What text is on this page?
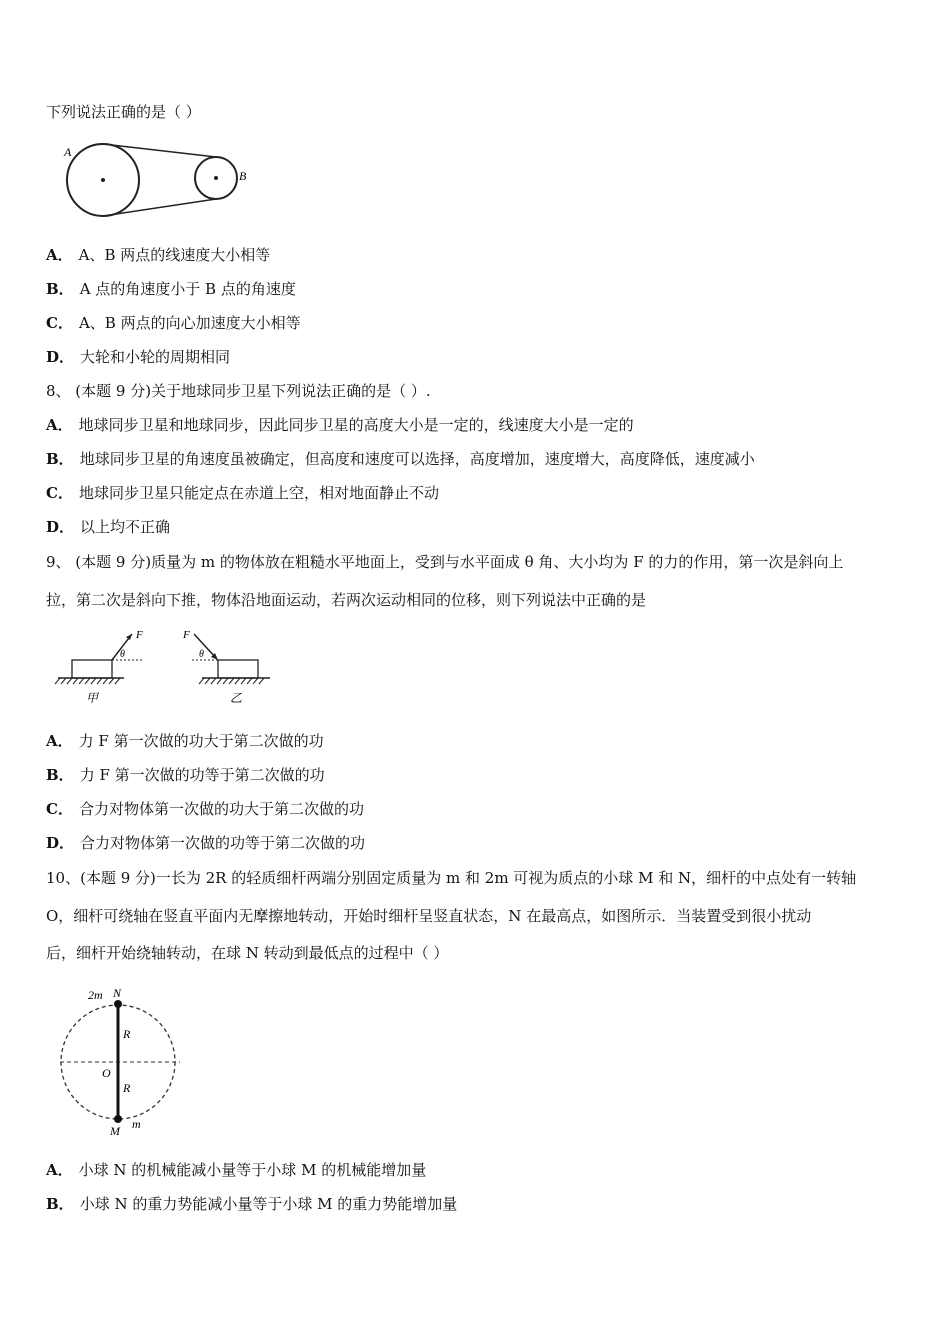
下列说法正确的是（ ）
A
B
A． A、B 两点的线速度大小相等
B． A 点的角速度小于 B 点的角速度
C． A、B 两点的向心加速度大小相等
D． 大轮和小轮的周期相同
8、 (本题 9 分)关于地球同步卫星下列说法正确的是（ ）.
A． 地球同步卫星和地球同步，因此同步卫星的高度大小是一定的，线速度大小是一定的
B． 地球同步卫星的角速度虽被确定，但高度和速度可以选择，高度增加，速度增大，高度降低，速度减小
C． 地球同步卫星只能定点在赤道上空，相对地面静止不动
D． 以上均不正确
9、 (本题 9 分)质量为 m 的物体放在粗糙水平地面上，受到与水平面成 θ 角、大小均为 F 的力的作用，第一次是斜向上
拉，第二次是斜向下推，物体沿地面运动，若两次运动相同的位移，则下列说法中正确的是
F
θ
甲
F
θ
乙
A． 力 F 第一次做的功大于第二次做的功
B． 力 F 第一次做的功等于第二次做的功
C． 合力对物体第一次做的功大于第二次做的功
D． 合力对物体第一次做的功等于第二次做的功
10、(本题 9 分)一长为 2R 的轻质细杆两端分别固定质量为 m 和 2m 可视为质点的小球 M 和 N，细杆的中点处有一转轴
O，细杆可绕轴在竖直平面内无摩擦地转动，开始时细杆呈竖直状态，N 在最高点，如图所示．当装置受到很小扰动
后，细杆开始绕轴转动，在球 N 转动到最低点的过程中（ ）
2m N
R
O
R
M m
A． 小球 N 的机械能减小量等于小球 M 的机械能增加量
B． 小球 N 的重力势能减小量等于小球 M 的重力势能增加量
